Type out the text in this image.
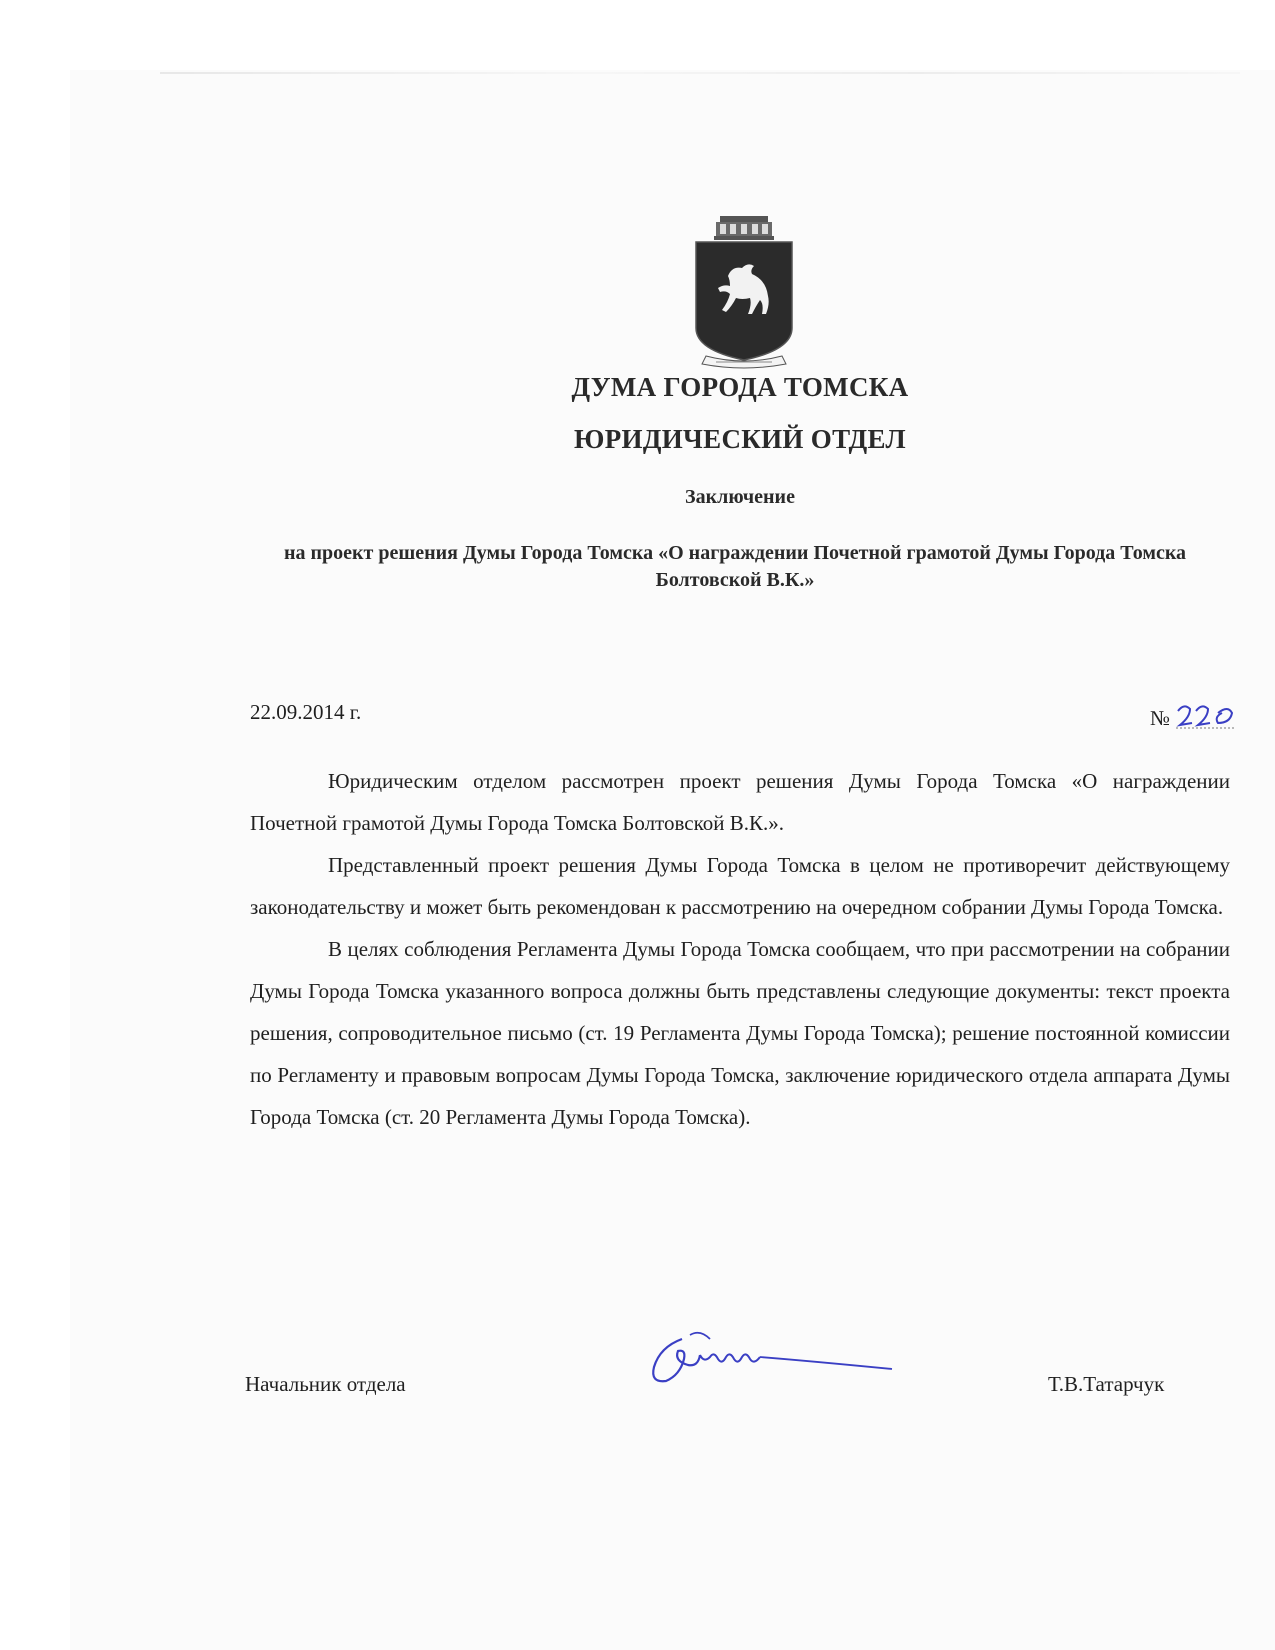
ДУМА ГОРОДА ТОМСКА
ЮРИДИЧЕСКИЙ ОТДЕЛ
Заключение
на проект решения Думы Города Томска «О награждении Почетной грамотой Думы Города Томска Болтовской В.К.»
22.09.2014 г.	№

Юридическим отделом рассмотрен проект решения Думы Города Томска «О награждении Почетной грамотой Думы Города Томска Болтовской В.К.».

Представленный проект решения Думы Города Томска в целом не противоречит действующему законодательству и может быть рекомендован к рассмотрению на очередном собрании Думы Города Томска.

В целях соблюдения Регламента Думы Города Томска сообщаем, что при рассмотрении на собрании Думы Города Томска указанного вопроса должны быть представлены следующие документы: текст проекта решения, сопроводительное письмо (ст. 19 Регламента Думы Города Томска); решение постоянной комиссии по Регламенту и правовым вопросам Думы Города Томска, заключение юридического отдела аппарата Думы Города Томска (ст. 20 Регламента Думы Города Томска).

Начальник отдела	Т.В.Татарчук
